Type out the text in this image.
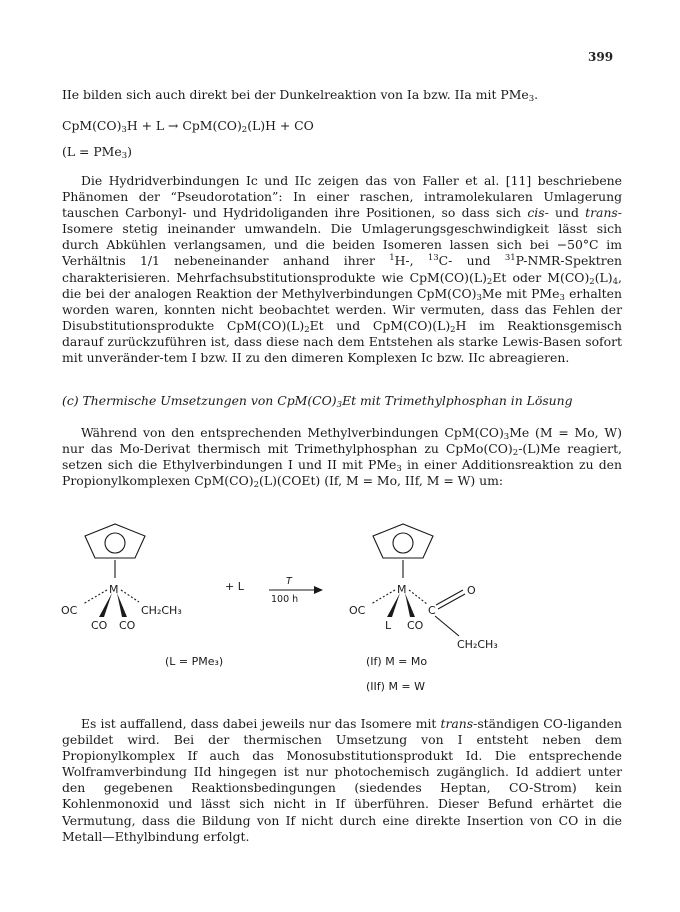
399

IIe bilden sich auch direkt bei der Dunkelreaktion von Ia bzw. IIa mit PMe$_3$.

$CpM(CO)_3H + L \to CpM(CO)_2(L)H$ + CO

(L = PMe$_3$)

Die Hydridverbindungen Ic und IIc zeigen das von Faller et al. [11] beschriebene Phänomen der “Pseudorotation”: In einer raschen, intramolekularen Umlagerung tauschen Carbonyl- und Hydridoliganden ihre Positionen, so dass sich cis- und trans-Isomere stetig ineinander umwandeln. Die Umlagerungsgeschwindigkeit lässt sich durch Abkühlen verlangsamen, und die beiden Isomeren lassen sich bei −50°C im Verhältnis 1/1 nebeneinander anhand ihrer $^1$H-, $^{13}$C- und $^{31}$P-NMR-Spektren charakterisieren. Mehrfachsubstitutionsprodukte wie $CpM(CO)(L)_2Et$ oder $M(CO)_2(L)_4$, die bei der analogen Reaktion der Methylverbindungen $CpM(CO)_3Me$ mit PMe$_3$ erhalten worden waren, konnten nicht beobachtet werden. Wir vermuten, dass das Fehlen der Disubstitutionsprodukte $CpM(CO)(L)_2Et$ und $CpM(CO)(L)_2H$ im Reaktionsgemisch darauf zurückzuführen ist, dass diese nach dem Entstehen als starke Lewis-Basen sofort mit unveränder-tem I bzw. II zu den dimeren Komplexen Ic bzw. IIc abreagieren.

(c) Thermische Umsetzungen von $CpM(CO)_3Et$ mit Trimethylphosphan in Lösung

Während von den entsprechenden Methylverbindungen $CpM(CO)_3Me$ (M = Mo, W) nur das Mo-Derivat thermisch mit Trimethylphosphan zu $CpMo(CO)_2-(L)Me$ reagiert, setzen sich die Ethylverbindungen I und II mit PMe$_3$ in einer Additionsreaktion zu den Propionylkomplexen $CpM(CO)_2(L)(COEt)$ (If, M = Mo, IIf, M = W) um:

M
OC	CH₂CH₃
CO CO
+ L	T
100 h
M
OC	C
O
CH₂CH₃
L CO
(L = PMe₃)	(If) M = Mo
(IIf) M = W

Es ist auffallend, dass dabei jeweils nur das Isomere mit trans-ständigen CO-liganden gebildet wird. Bei der thermischen Umsetzung von I entsteht neben dem Propionylkomplex If auch das Monosubstitutionsprodukt Id. Die entsprechende Wolframverbindung IId hingegen ist nur photochemisch zugänglich. Id addiert unter den gegebenen Reaktionsbedingungen (siedendes Heptan, CO-Strom) kein Kohlenmonoxid und lässt sich nicht in If überführen. Dieser Befund erhärtet die Vermutung, dass die Bildung von If nicht durch eine direkte Insertion von CO in die Metall—Ethylbindung erfolgt.
